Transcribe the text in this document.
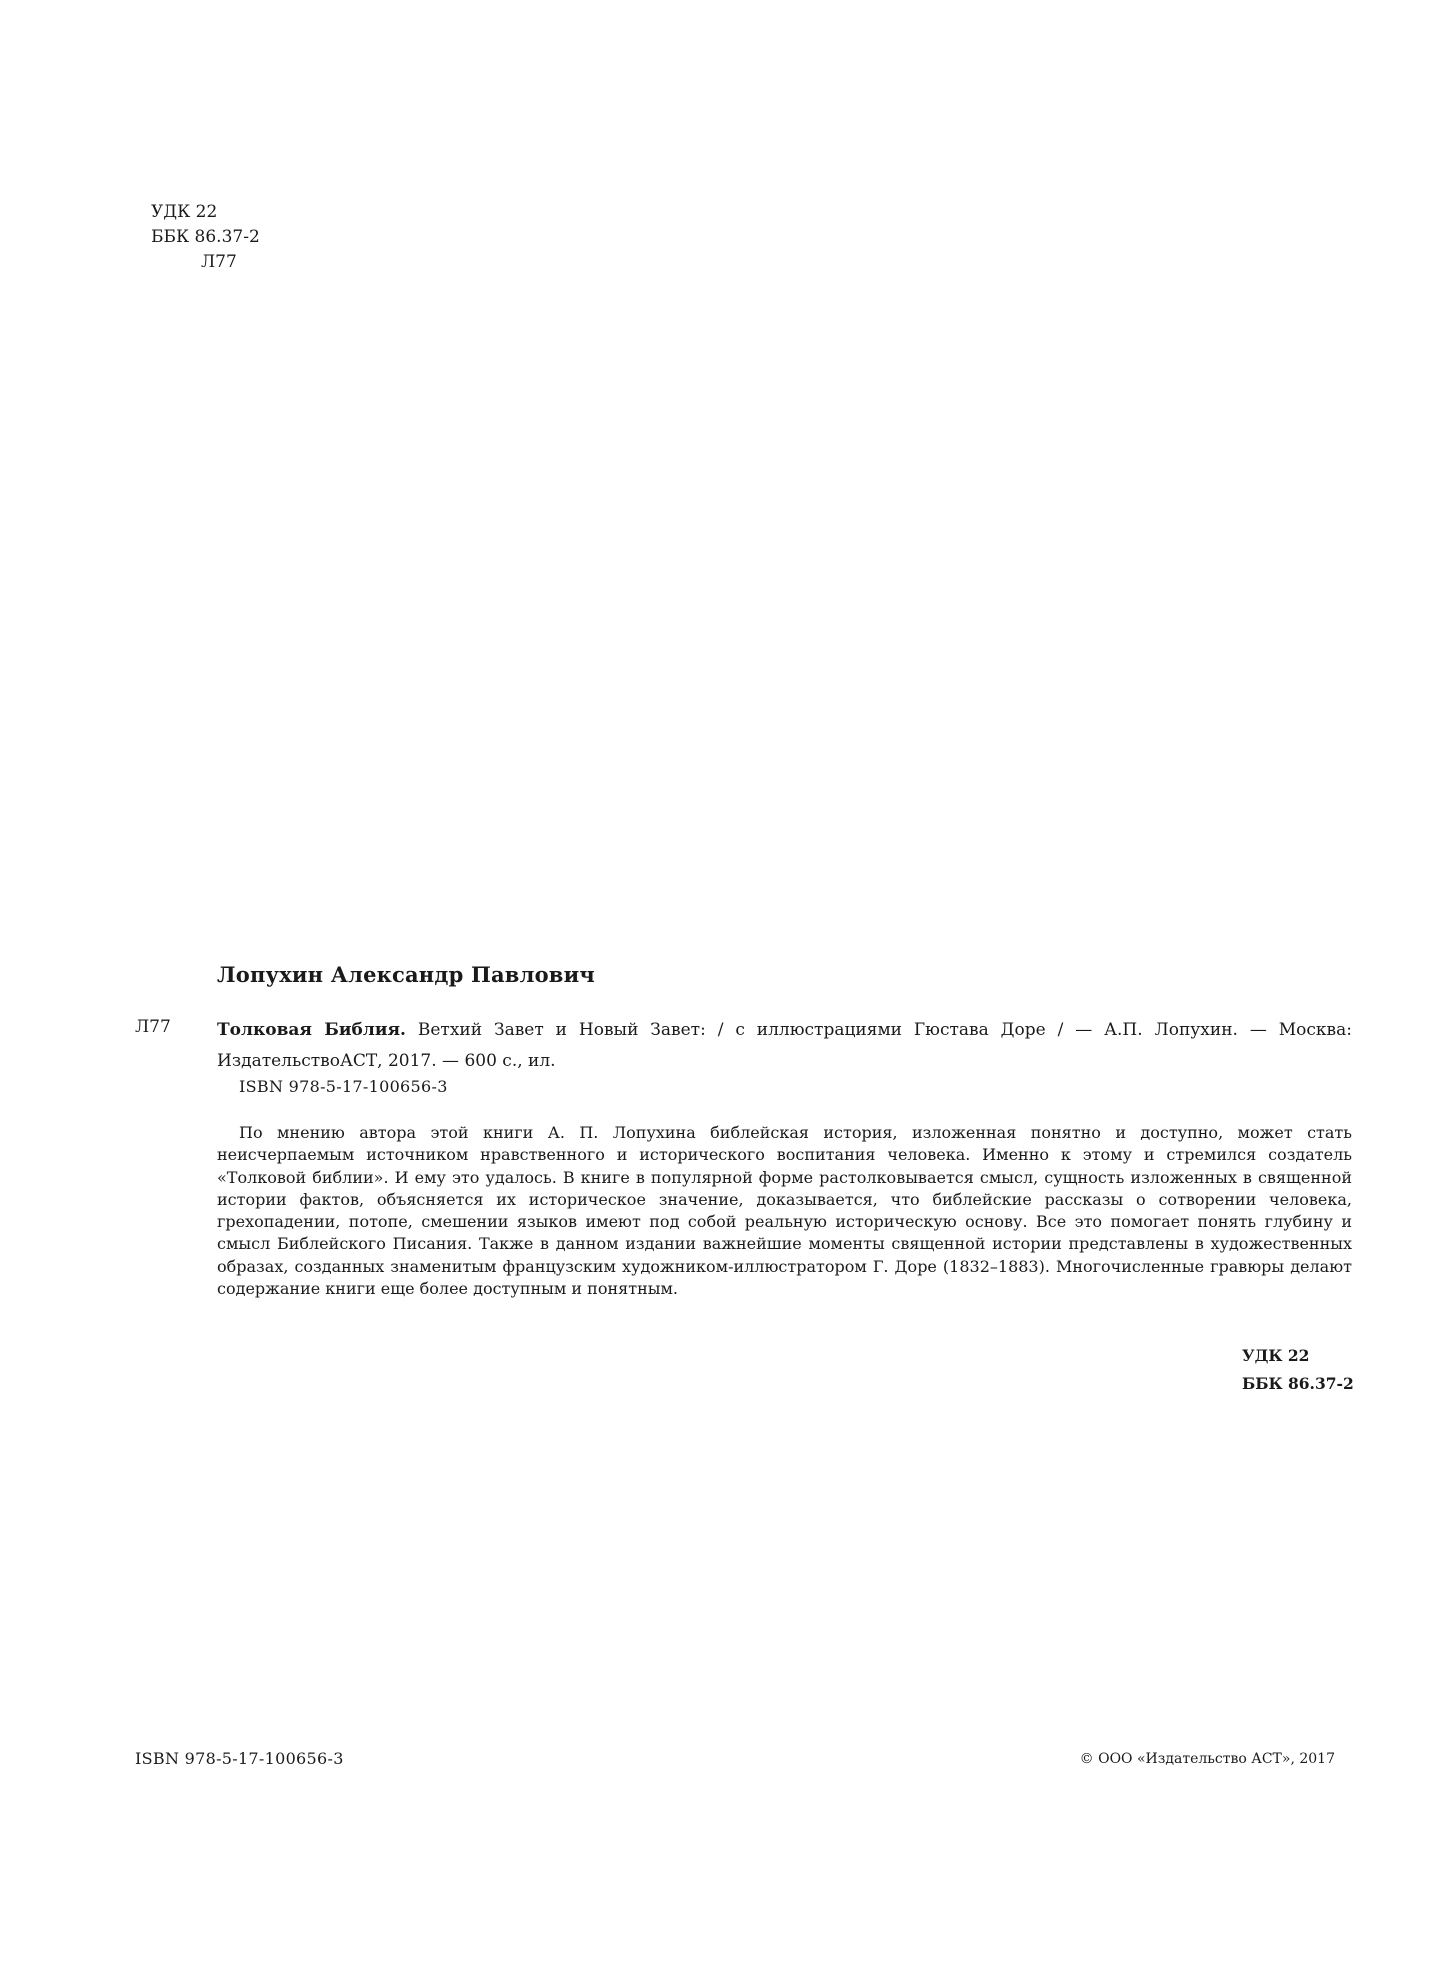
УДК 22
ББК 86.37-2
Л77
Лопухин Александр Павлович
Л77	Толковая Библия. Ветхий Завет и Новый Завет: / с иллюстрациями Гюстава Доре / — А.П. Лопухин. — Москва:

ИздательствоАСТ, 2017. — 600 с., ил.

ISBN 978-5-17-100656-3

По мнению автора этой книги А. П. Лопухина библейская история, изложенная понятно и доступно, может стать неисчерпаемым источником нравственного и исторического воспитания человека. Именно к этому и стремился создатель «Толковой библии». И ему это удалось. В книге в популярной форме растолковывается смысл, сущность изложенных в священной истории фактов, объясняется их историческое значение, доказывается, что библейские рассказы о сотворении человека, грехопадении, потопе, смешении языков имеют под собой реальную историческую основу. Все это помогает понять глубину и смысл Библейского Писания. Также в данном издании важнейшие моменты священной истории представлены в художественных образах, созданных знаменитым французским художником-иллюстратором Г. Доре (1832–1883). Многочисленные гравюры делают содержание книги еще более доступным и понятным.

УДК 22
ББК 86.37-2
ISBN 978-5-17-100656-3	© ООО «Издательство АСТ», 2017
